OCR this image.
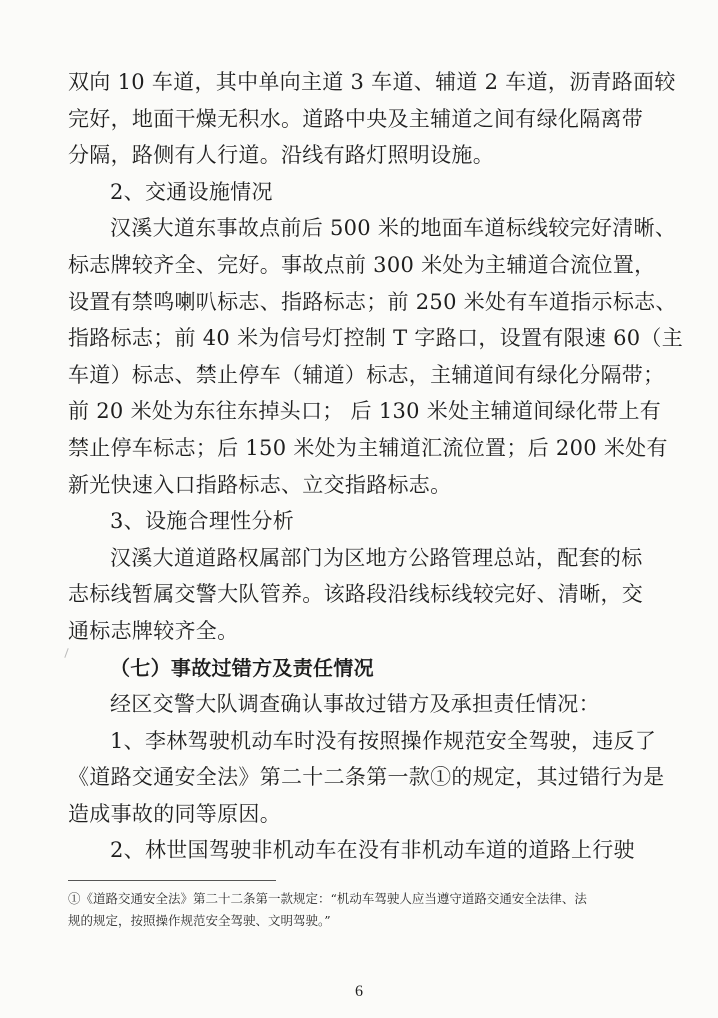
双向 10 车道，其中单向主道 3 车道、辅道 2 车道，沥青路面较
完好，地面干燥无积水。道路中央及主辅道之间有绿化隔离带
分隔，路侧有人行道。沿线有路灯照明设施。
2、交通设施情况
汉溪大道东事故点前后 500 米的地面车道标线较完好清晰、
标志牌较齐全、完好。事故点前 300 米处为主辅道合流位置，
设置有禁鸣喇叭标志、指路标志；前 250 米处有车道指示标志、
指路标志；前 40 米为信号灯控制 T 字路口，设置有限速 60（主
车道）标志、禁止停车（辅道）标志，主辅道间有绿化分隔带；
前 20 米处为东往东掉头口； 后 130 米处主辅道间绿化带上有
禁止停车标志；后 150 米处为主辅道汇流位置；后 200 米处有
新光快速入口指路标志、立交指路标志。
3、设施合理性分析
汉溪大道道路权属部门为区地方公路管理总站，配套的标
志标线暂属交警大队管养。该路段沿线标线较完好、清晰，交
通标志牌较齐全。
（七）事故过错方及责任情况
经区交警大队调查确认事故过错方及承担责任情况：
1、李林驾驶机动车时没有按照操作规范安全驾驶，违反了
《道路交通安全法》第二十二条第一款①的规定，其过错行为是
造成事故的同等原因。
2、林世国驾驶非机动车在没有非机动车道的道路上行驶
①《道路交通安全法》第二十二条第一款规定：“机动车驾驶人应当遵守道路交通安全法律、法
规的规定，按照操作规范安全驾驶、文明驾驶。”
6
